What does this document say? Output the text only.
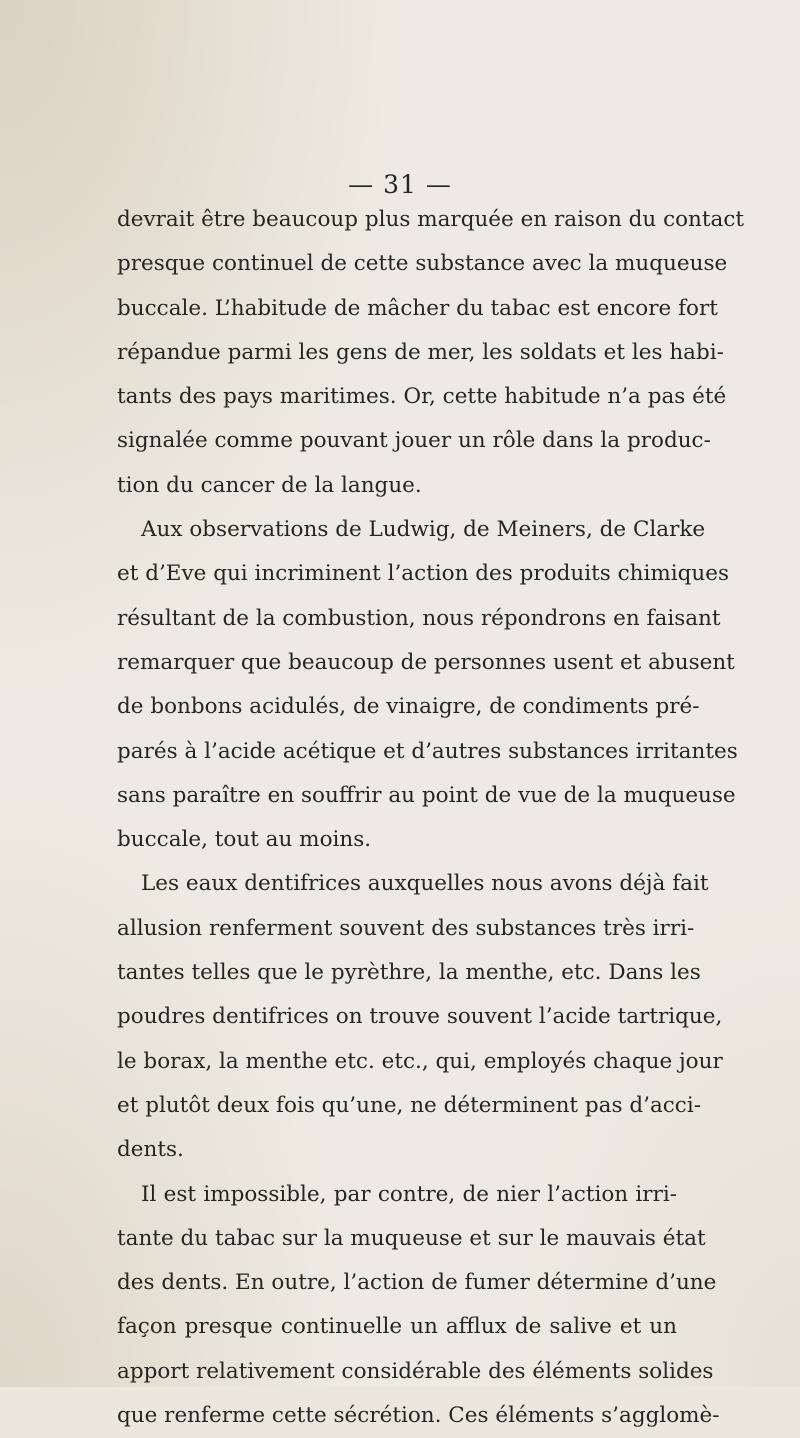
— 31 —
devrait être beaucoup plus marquée en raison du contact
presque continuel de cette substance avec la muqueuse
buccale. L’habitude de mâcher du tabac est encore fort
répandue parmi les gens de mer, les soldats et les habi-
tants des pays maritimes. Or, cette habitude n’a pas été
signalée comme pouvant jouer un rôle dans la produc-
tion du cancer de la langue.
Aux observations de Ludwig, de Meiners, de Clarke
et d’Eve qui incriminent l’action des produits chimiques
résultant de la combustion, nous répondrons en faisant
remarquer que beaucoup de personnes usent et abusent
de bonbons acidulés, de vinaigre, de condiments pré-
parés à l’acide acétique et d’autres substances irritantes
sans paraître en souffrir au point de vue de la muqueuse
buccale, tout au moins.
Les eaux dentifrices auxquelles nous avons déjà fait
allusion renferment souvent des substances très irri-
tantes telles que le pyrèthre, la menthe, etc. Dans les
poudres dentifrices on trouve souvent l’acide tartrique,
le borax, la menthe etc. etc., qui, employés chaque jour
et plutôt deux fois qu’une, ne déterminent pas d’acci-
dents.
Il est impossible, par contre, de nier l’action irri-
tante du tabac sur la muqueuse et sur le mauvais état
des dents. En outre, l’action de fumer détermine d’une
façon presque continuelle un afflux de salive et un
apport relativement considérable des éléments solides
que renferme cette sécrétion. Ces éléments s’agglomè-
